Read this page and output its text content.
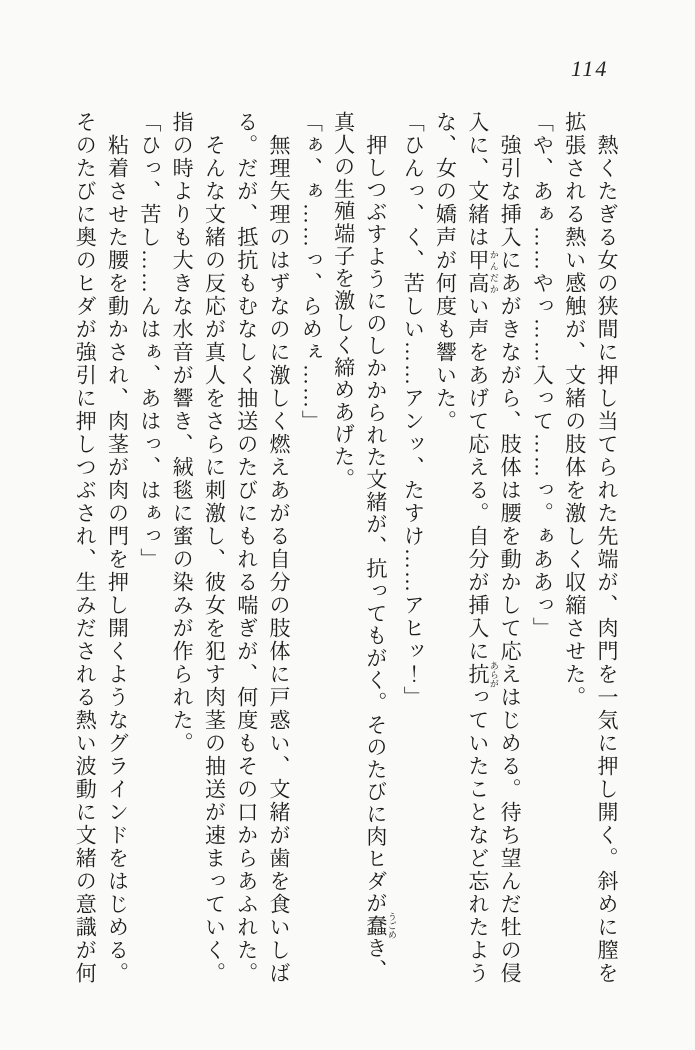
114

熱くたぎる女の狭間に押し当てられた先端が、肉門を一気に押し開く。斜めに膣を拡張される熱い感触が、文緒の肢体を激しく収縮させた。

「や、あぁ……やっ……入って……っ。ぁああっ」

強引な挿入にあがきながら、肢体は腰を動かして応えはじめる。待ち望んだ牡の侵入に、文緒は甲高 かんだかい声をあげて応える。自分が挿入に抗 あらがっていたことなど忘れたような、女の嬌声が何度も響いた。

「ひんっ、く、苦しい……アンッ、たすけ……アヒッ！」

押しつぶすようにのしかかられた文緒が、抗ってもがく。そのたびに肉ヒダが蠢 うごめき、真人の生殖端子を激しく締めあげた。

「ぁ、ぁ……っ、らめぇ……」

無理矢理のはずなのに激しく燃えあがる自分の肢体に戸惑い、文緒が歯を食いしばる。だが、抵抗もむなしく抽送のたびにもれる喘ぎが、何度もその口からあふれた。

そんな文緒の反応が真人をさらに刺激し、彼女を犯す肉茎の抽送が速まっていく。指の時よりも大きな水音が響き、絨毯に蜜の染みが作られた。

「ひっ、苦し……んはぁ、あはっ、はぁっ」

粘着させた腰を動かされ、肉茎が肉の門を押し開くようなグラインドをはじめる。そのたびに奥のヒダが強引に押しつぶされ、生みだされる熱い波動に文緒の意識が何
